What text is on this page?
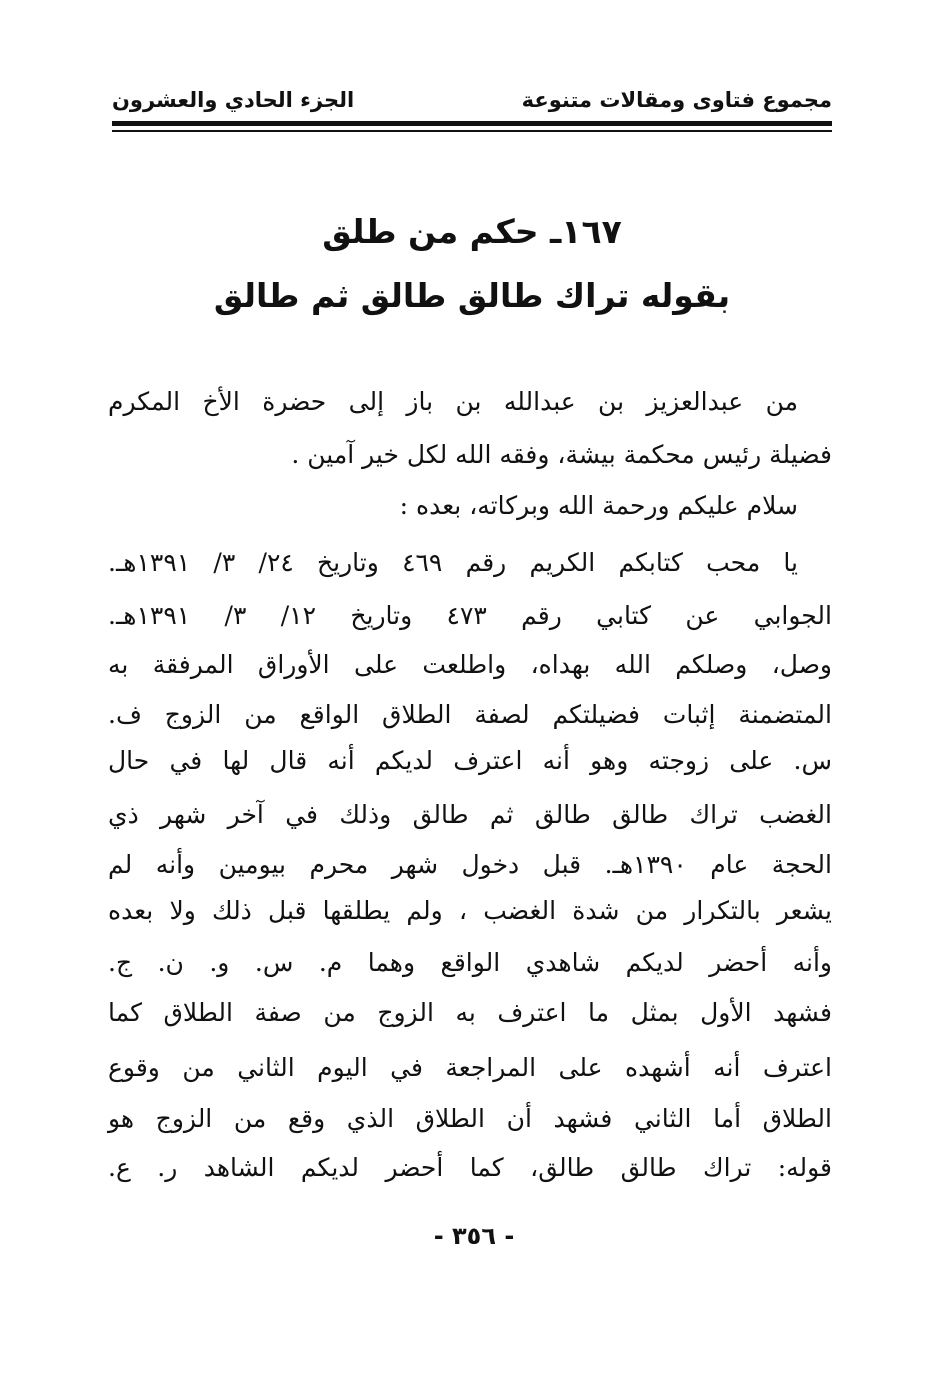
مجموع فتاوى ومقالات متنوعة
الجزء الحادي والعشرون
١٦٧ـ حكم من طلق
بقوله تراك طالق طالق ثم طالق
من عبدالعزيز بن عبدالله بن باز إلى حضرة الأخ المكرم
فضيلة رئيس محكمة بيشة، وفقه الله لكل خير آمين .
سلام عليكم ورحمة الله وبركاته، بعده :
يا محب كتابكم الكريم رقم ٤٦٩ وتاريخ ٢٤/ ٣/ ١٣٩١هـ.
الجوابي عن كتابي رقم ٤٧٣ وتاريخ ١٢/ ٣/ ١٣٩١هـ.
وصل، وصلكم الله بهداه، واطلعت على الأوراق المرفقة به
المتضمنة إثبات فضيلتكم لصفة الطلاق الواقع من الزوج ف.
س. على زوجته وهو أنه اعترف لديكم أنه قال لها في حال
الغضب تراك طالق طالق ثم طالق وذلك في آخر شهر ذي
الحجة عام ١٣٩٠هـ. قبل دخول شهر محرم بيومين وأنه لم
يشعر بالتكرار من شدة الغضب ، ولم يطلقها قبل ذلك ولا بعده
وأنه أحضر لديكم شاهدي الواقع وهما م. س. و. ن. ج.
فشهد الأول بمثل ما اعترف به الزوج من صفة الطلاق كما
اعترف أنه أشهده على المراجعة في اليوم الثاني من وقوع
الطلاق أما الثاني فشهد أن الطلاق الذي وقع من الزوج هو
قوله: تراك طالق طالق، كما أحضر لديكم الشاهد ر. ع.
- ٣٥٦ -
